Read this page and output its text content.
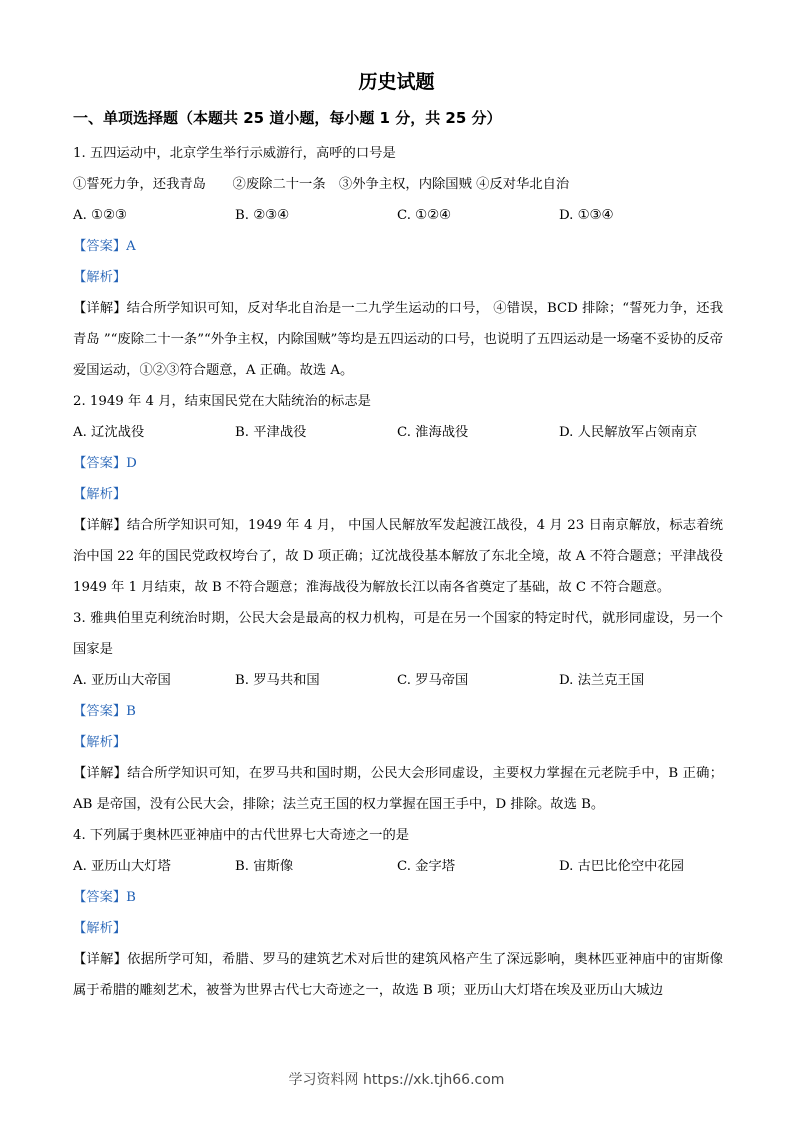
历史试题
一、单项选择题（本题共 25 道小题，每小题 1 分，共 25 分）
1. 五四运动中，北京学生举行示威游行，高呼的口号是
①誓死力争，还我青岛　　②废除二十一条　③外争主权，内除国贼 ④反对华北自治
A. ①②③	B. ②③④	C. ①②④	D. ①③④
【答案】A
【解析】
【详解】结合所学知识可知，反对华北自治是一二九学生运动的口号， ④错误，BCD 排除；“誓死力争，还我青岛 ”“废除二十一条”“外争主权，内除国贼”等均是五四运动的口号，也说明了五四运动是一场毫不妥协的反帝爱国运动，①②③符合题意，A 正确。故选 A。
2. 1949 年 4 月，结束国民党在大陆统治的标志是
A. 辽沈战役	B. 平津战役	C. 淮海战役	D. 人民解放军占领南京
【答案】D
【解析】
【详解】结合所学知识可知，1949 年 4 月， 中国人民解放军发起渡江战役，4 月 23 日南京解放，标志着统治中国 22 年的国民党政权垮台了，故 D 项正确；辽沈战役基本解放了东北全境，故 A 不符合题意；平津战役 1949 年 1 月结束，故 B 不符合题意；淮海战役为解放长江以南各省奠定了基础，故 C 不符合题意。
3. 雅典伯里克利统治时期，公民大会是最高的权力机构，可是在另一个国家的特定时代，就形同虚设，另一个国家是
A. 亚历山大帝国	B. 罗马共和国	C. 罗马帝国	D. 法兰克王国
【答案】B
【解析】
【详解】结合所学知识可知，在罗马共和国时期，公民大会形同虚设，主要权力掌握在元老院手中，B 正确；AB 是帝国，没有公民大会，排除；法兰克王国的权力掌握在国王手中，D 排除。故选 B。
4. 下列属于奥林匹亚神庙中的古代世界七大奇迹之一的是
A. 亚历山大灯塔	B. 宙斯像	C. 金字塔	D. 古巴比伦空中花园
【答案】B
【解析】
【详解】依据所学可知，希腊、罗马的建筑艺术对后世的建筑风格产生了深远影响，奥林匹亚神庙中的宙斯像属于希腊的雕刻艺术，被誉为世界古代七大奇迹之一，故选 B 项；亚历山大灯塔在埃及亚历山大城边
学习资料网 https://xk.tjh66.com
